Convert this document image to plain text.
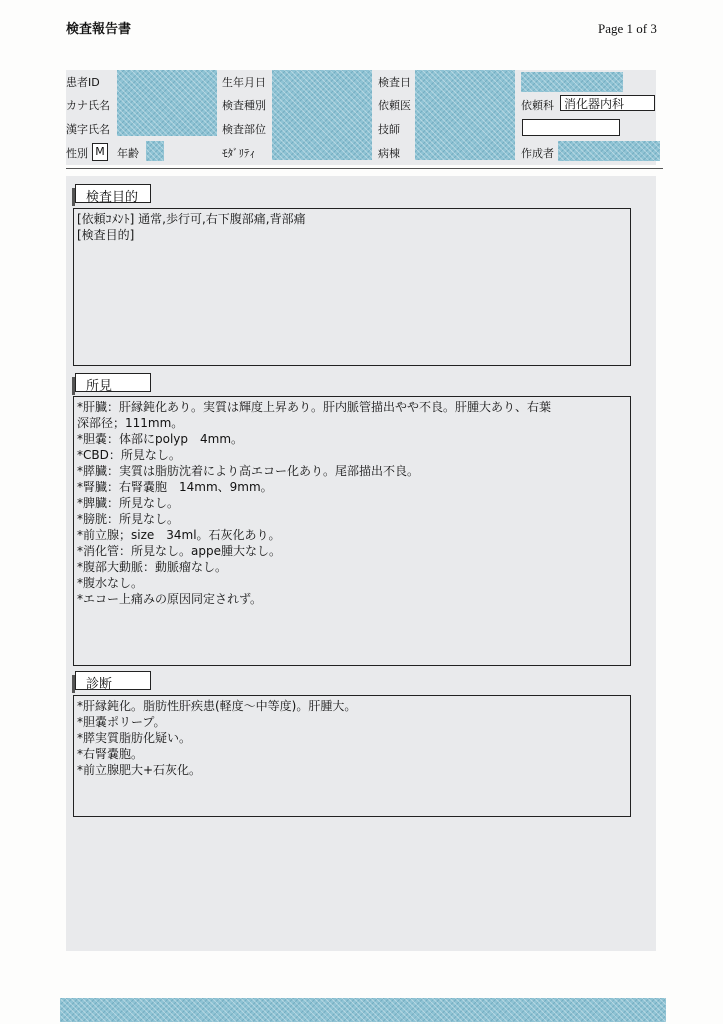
検査報告書	Page 1 of 3
患者ID
カナ氏名
漢字氏名
性別 M 年齢
生年月日
検査種別
検査部位
ﾓﾀﾞﾘﾃｨ
検査日
依頼医
技師
病棟
依頼科 消化器内科
作成者
検査目的
[依頼ｺﾒﾝﾄ] 通常,歩行可,右下腹部痛,背部痛
[検査目的]
所見
*肝臓：肝縁鈍化あり。実質は輝度上昇あり。肝内脈管描出やや不良。肝腫大あり、右葉
深部径；111mm。
*胆嚢：体部にpolyp　4mm。
*CBD：所見なし。
*膵臓：実質は脂肪沈着により高エコー化あり。尾部描出不良。
*腎臓：右腎嚢胞　14mm、9mm。
*脾臓：所見なし。
*膀胱：所見なし。
*前立腺；size　34ml。石灰化あり。
*消化管：所見なし。appe腫大なし。
*腹部大動脈：動脈瘤なし。
*腹水なし。
*エコー上痛みの原因同定されず。
診断
*肝縁鈍化。脂肪性肝疾患(軽度～中等度)。肝腫大。
*胆嚢ポリープ。
*膵実質脂肪化疑い。
*右腎嚢胞。
*前立腺肥大+石灰化。
